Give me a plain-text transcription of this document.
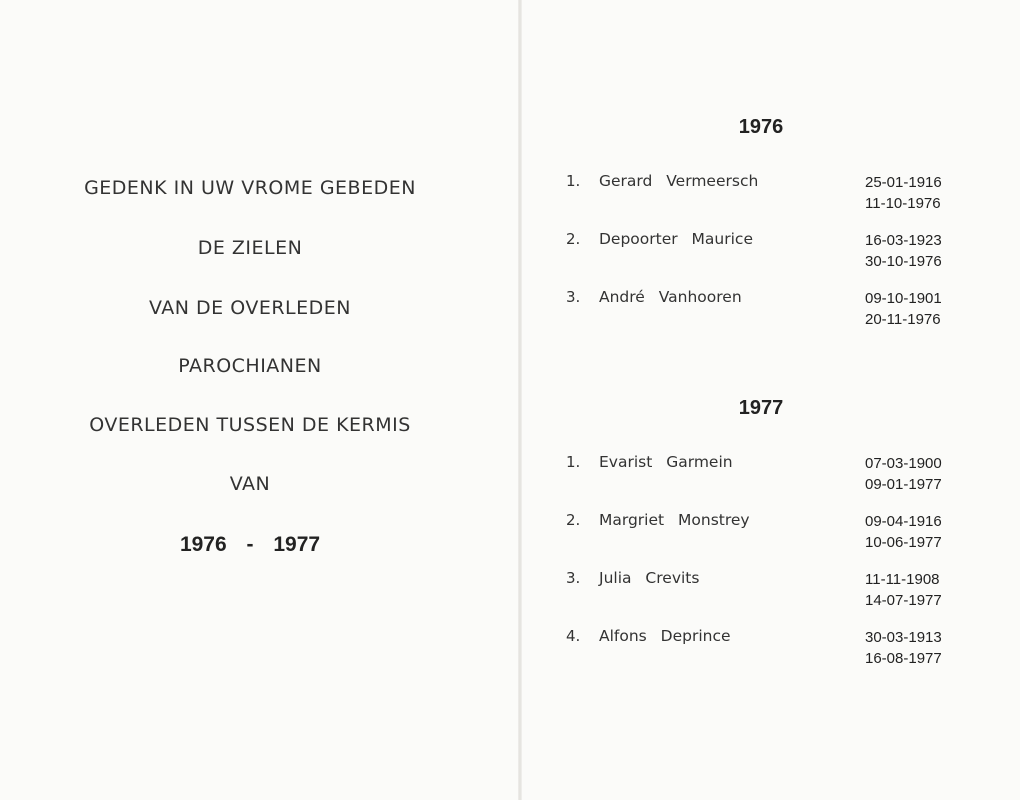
GEDENK IN UW VROME GEBEDEN
DE ZIELEN
VAN DE OVERLEDEN
PAROCHIANEN
OVERLEDEN TUSSEN DE KERMIS
VAN
1976 - 1977
1976
1. Gerard Vermeersch	25-01-1916
11-10-1976
2. Depoorter Maurice	16-03-1923
30-10-1976
3. André Vanhooren	09-10-1901
20-11-1976
1977
1. Evarist Garmein	07-03-1900
09-01-1977
2. Margriet Monstrey	09-04-1916
10-06-1977
3. Julia Crevits	11-11-1908
14-07-1977
4. Alfons Deprince	30-03-1913
16-08-1977
